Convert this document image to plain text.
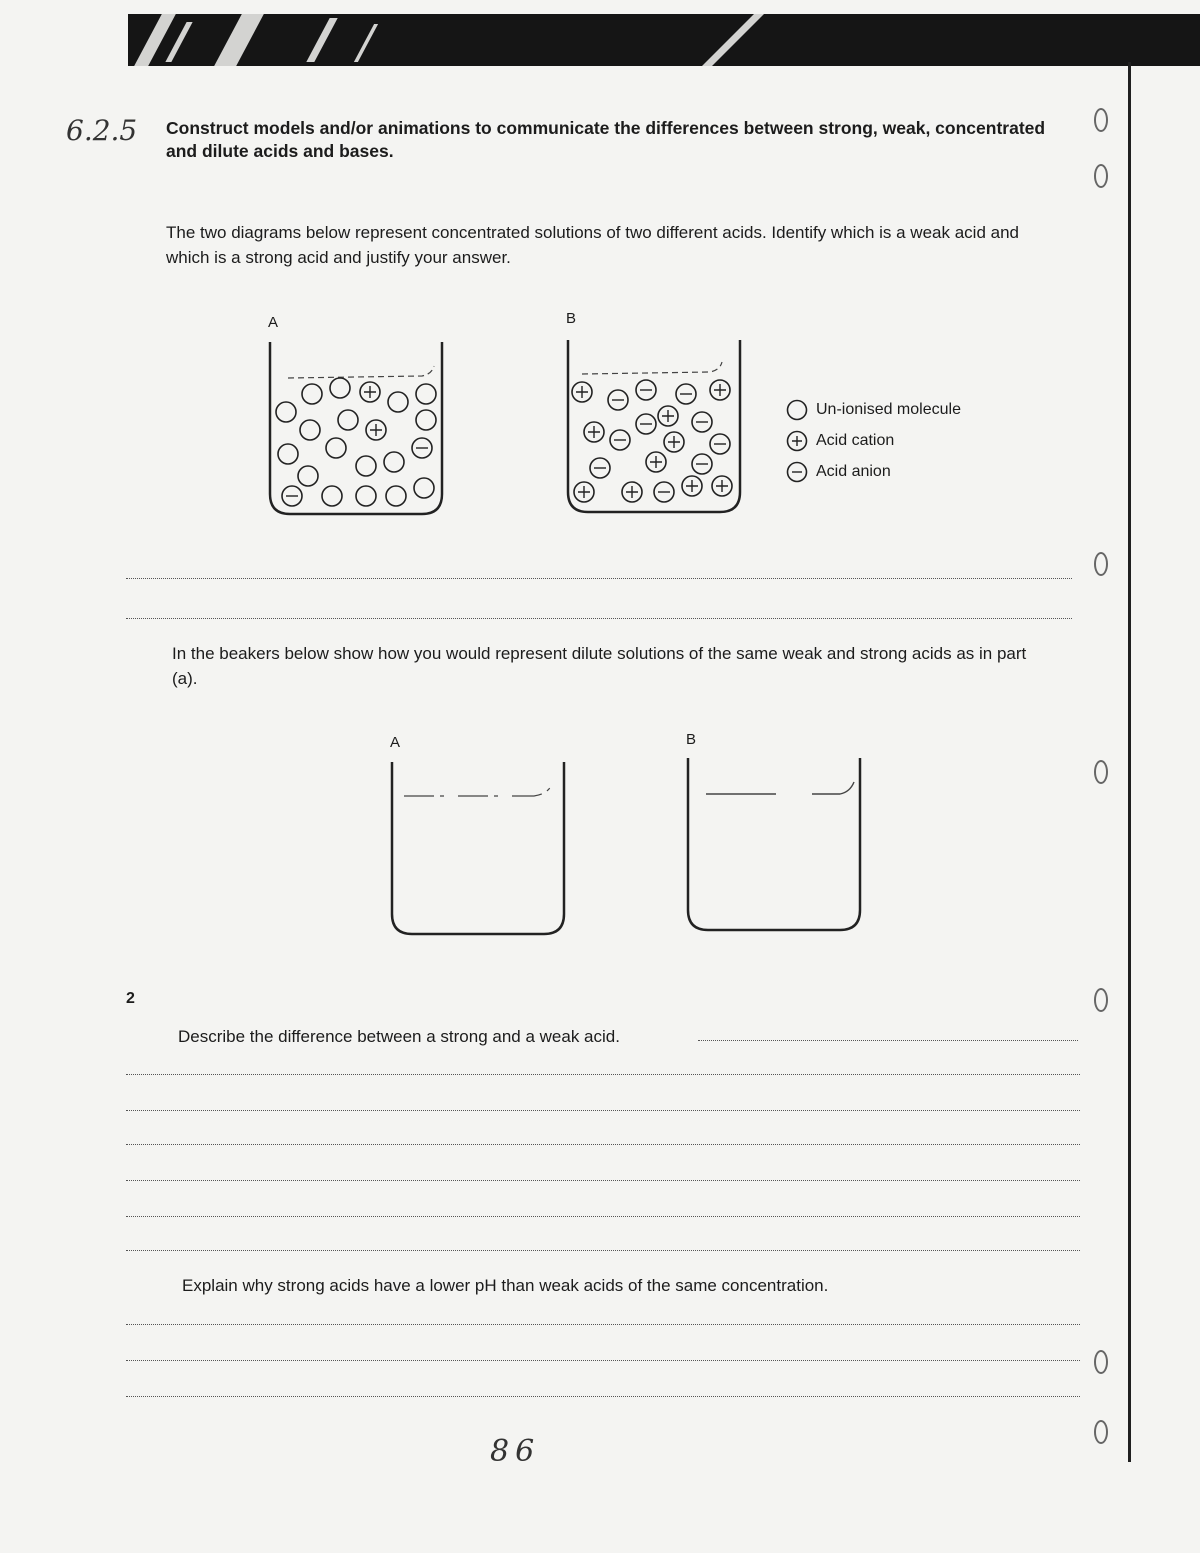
6.2.5 Construct models and/or animations to communicate the differences between strong, weak, concentrated and dilute acids and bases.
The two diagrams below represent concentrated solutions of two different acids. Identify which is a weak acid and which is a strong acid and justify your answer.
A	B
Un-ionised molecule
Acid cation
Acid anion
In the beakers below show how you would represent dilute solutions of the same weak and strong acids as in part (a).
A	B
2
Describe the difference between a strong and a weak acid.
Explain why strong acids have a lower pH than weak acids of the same concentration.
86
